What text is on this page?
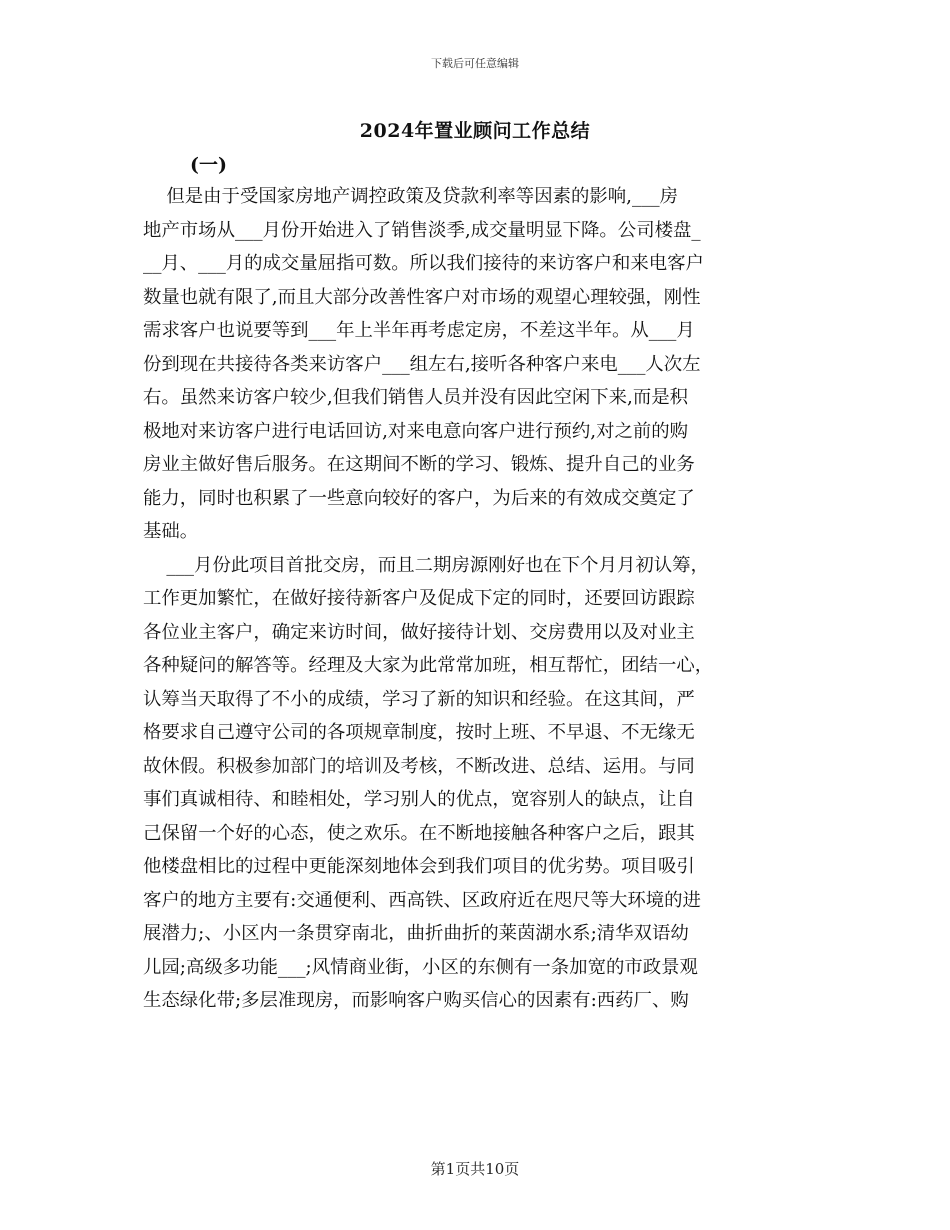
下载后可任意编辑
2024年置业顾问工作总结
(一)
但是由于受国家房地产调控政策及贷款利率等因素的影响,___房
地产市场从___月份开始进入了销售淡季,成交量明显下降。公司楼盘_
__月、___月的成交量屈指可数。所以我们接待的来访客户和来电客户
数量也就有限了,而且大部分改善性客户对市场的观望心理较强，刚性
需求客户也说要等到___年上半年再考虑定房，不差这半年。从___月
份到现在共接待各类来访客户___组左右,接听各种客户来电___人次左
右。虽然来访客户较少,但我们销售人员并没有因此空闲下来,而是积
极地对来访客户进行电话回访,对来电意向客户进行预约,对之前的购
房业主做好售后服务。在这期间不断的学习、锻炼、提升自己的业务
能力，同时也积累了一些意向较好的客户，为后来的有效成交奠定了
基础。
___月份此项目首批交房，而且二期房源刚好也在下个月月初认筹，
工作更加繁忙，在做好接待新客户及促成下定的同时，还要回访跟踪
各位业主客户，确定来访时间，做好接待计划、交房费用以及对业主
各种疑问的解答等。经理及大家为此常常加班，相互帮忙，团结一心，
认筹当天取得了不小的成绩，学习了新的知识和经验。在这其间，严
格要求自己遵守公司的各项规章制度，按时上班、不早退、不无缘无
故休假。积极参加部门的培训及考核，不断改进、总结、运用。与同
事们真诚相待、和睦相处，学习别人的优点，宽容别人的缺点，让自
己保留一个好的心态，使之欢乐。在不断地接触各种客户之后，跟其
他楼盘相比的过程中更能深刻地体会到我们项目的优劣势。项目吸引
客户的地方主要有:交通便利、西高铁、区政府近在咫尺等大环境的进
展潜力;、小区内一条贯穿南北，曲折曲折的莱茵湖水系;清华双语幼
儿园;高级多功能___;风情商业街，小区的东侧有一条加宽的市政景观
生态绿化带;多层准现房，而影响客户购买信心的因素有:西药厂、购
第1页共10页
